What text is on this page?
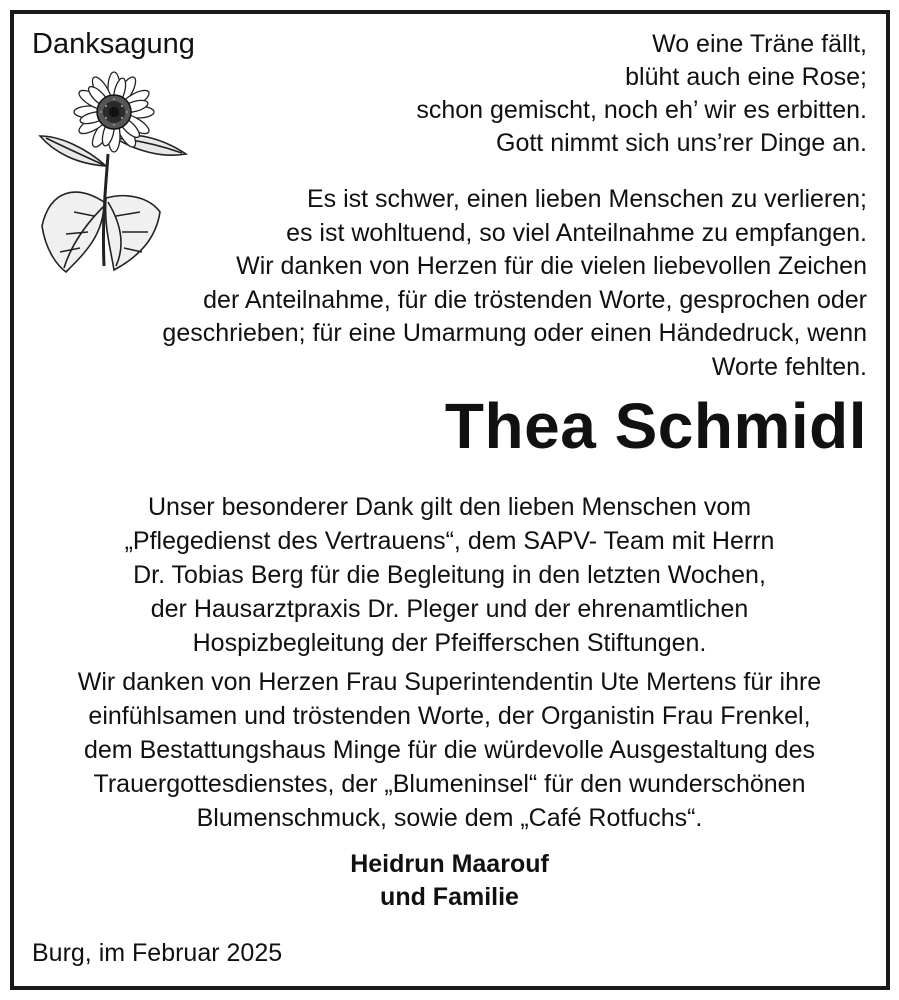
Danksagung	Wo eine Träne fällt,
blüht auch eine Rose;
schon gemischt, noch eh’ wir es erbitten.
Gott nimmt sich uns’rer Dinge an.
Es ist schwer, einen lieben Menschen zu verlieren;
es ist wohltuend, so viel Anteilnahme zu empfangen.
Wir danken von Herzen für die vielen liebevollen Zeichen
der Anteilnahme, für die tröstenden Worte, gesprochen oder
geschrieben; für eine Umarmung oder einen Händedruck, wenn
Worte fehlten.
Thea Schmidl
Unser besonderer Dank gilt den lieben Menschen vom
„Pflegedienst des Vertrauens“, dem SAPV- Team mit Herrn
Dr. Tobias Berg für die Begleitung in den letzten Wochen,
der Hausarztpraxis Dr. Pleger und der ehrenamtlichen
Hospizbegleitung der Pfeifferschen Stiftungen.
Wir danken von Herzen Frau Superintendentin Ute Mertens für ihre
einfühlsamen und tröstenden Worte, der Organistin Frau Frenkel,
dem Bestattungshaus Minge für die würdevolle Ausgestaltung des
Trauergottesdienstes, der „Blumeninsel“ für den wunderschönen
Blumenschmuck, sowie dem „Café Rotfuchs“.
Heidrun Maarouf
und Familie
Burg, im Februar 2025
